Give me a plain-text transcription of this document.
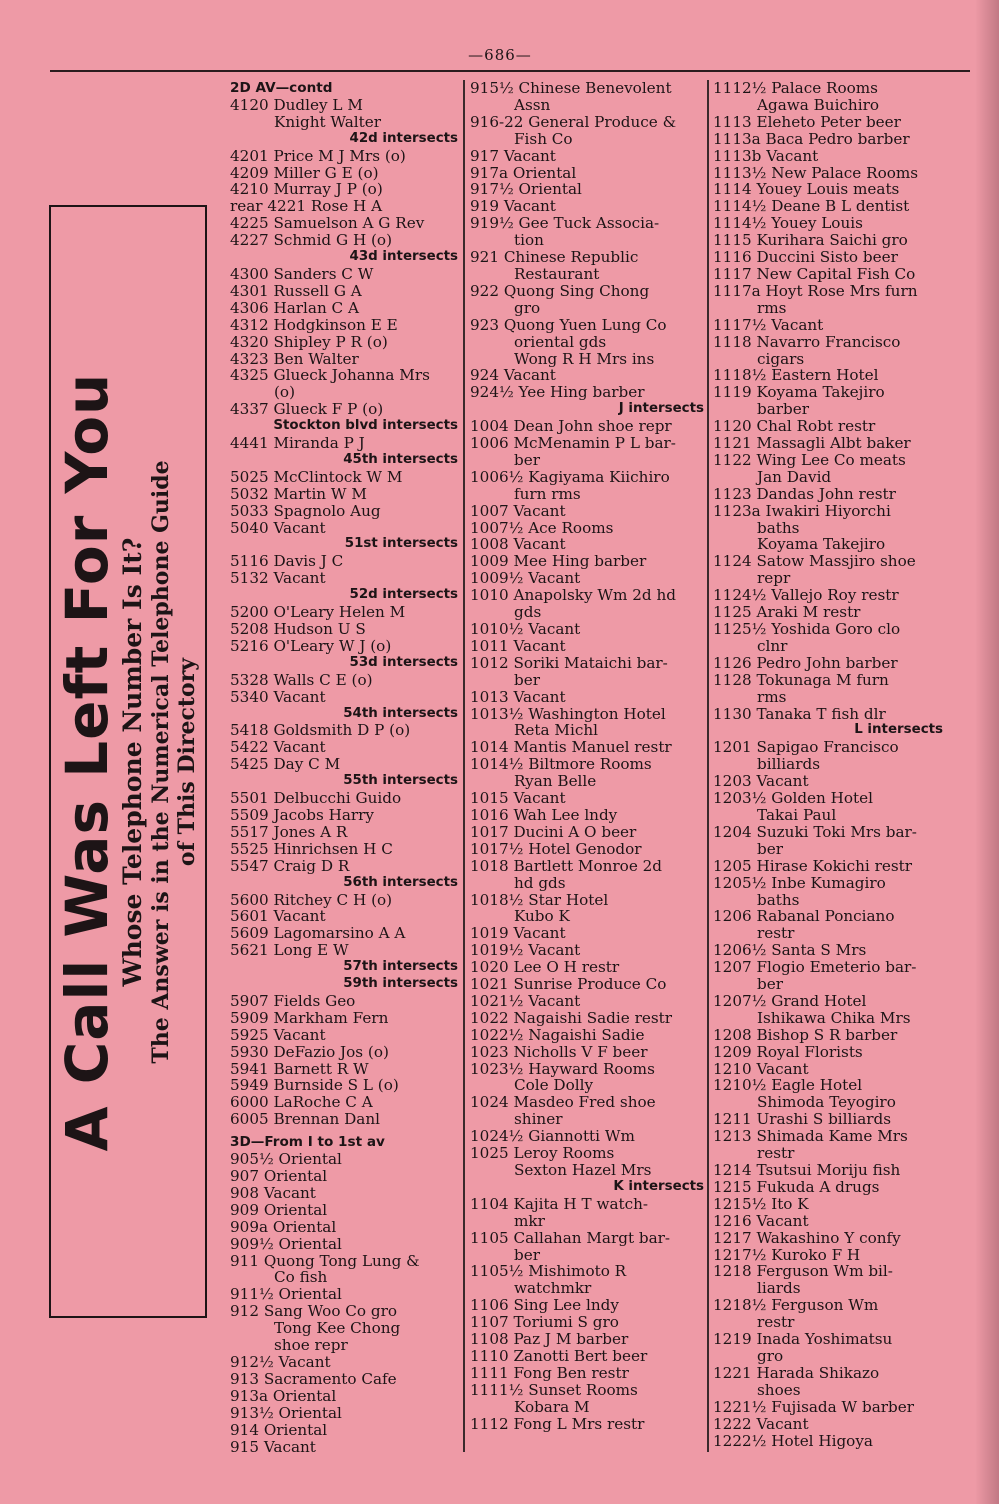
—686—
A Call Was Left For You
Whose Telephone Number Is It? The Answer is in the Numerical Telephone Guide of This Directory
2D AV—contd
4120 Dudley L M
Knight Walter
42d intersects
4201 Price M J Mrs (o)
4209 Miller G E (o)
4210 Murray J P (o)
rear 4221 Rose H A
4225 Samuelson A G Rev
4227 Schmid G H (o)
43d intersects
4300 Sanders C W
4301 Russell G A
4306 Harlan C A
4312 Hodgkinson E E
4320 Shipley P R (o)
4323 Ben Walter
4325 Glueck Johanna Mrs
(o)
4337 Glueck F P (o)
Stockton blvd intersects
4441 Miranda P J
45th intersects
5025 McClintock W M
5032 Martin W M
5033 Spagnolo Aug
5040 Vacant
51st intersects
5116 Davis J C
5132 Vacant
52d intersects
5200 O'Leary Helen M
5208 Hudson U S
5216 O'Leary W J (o)
53d intersects
5328 Walls C E (o)
5340 Vacant
54th intersects
5418 Goldsmith D P (o)
5422 Vacant
5425 Day C M
55th intersects
5501 Delbucchi Guido
5509 Jacobs Harry
5517 Jones A R
5525 Hinrichsen H C
5547 Craig D R
56th intersects
5600 Ritchey C H (o)
5601 Vacant
5609 Lagomarsino A A
5621 Long E W
57th intersects
59th intersects
5907 Fields Geo
5909 Markham Fern
5925 Vacant
5930 DeFazio Jos (o)
5941 Barnett R W
5949 Burnside S L (o)
6000 LaRoche C A
6005 Brennan Danl
3D—From I to 1st av
905½ Oriental
907 Oriental
908 Vacant
909 Oriental
909a Oriental
909½ Oriental
911 Quong Tong Lung &
Co fish
911½ Oriental
912 Sang Woo Co gro
Tong Kee Chong
shoe repr
912½ Vacant
913 Sacramento Cafe
913a Oriental
913½ Oriental
914 Oriental
915 Vacant
915½ Chinese Benevolent
Assn
916-22 General Produce &
Fish Co
917 Vacant
917a Oriental
917½ Oriental
919 Vacant
919½ Gee Tuck Associa-
tion
921 Chinese Republic
Restaurant
922 Quong Sing Chong
gro
923 Quong Yuen Lung Co
oriental gds
Wong R H Mrs ins
924 Vacant
924½ Yee Hing barber
J intersects
1004 Dean John shoe repr
1006 McMenamin P L bar-
ber
1006½ Kagiyama Kiichiro
furn rms
1007 Vacant
1007½ Ace Rooms
1008 Vacant
1009 Mee Hing barber
1009½ Vacant
1010 Anapolsky Wm 2d hd
gds
1010½ Vacant
1011 Vacant
1012 Soriki Mataichi bar-
ber
1013 Vacant
1013½ Washington Hotel
Reta Michl
1014 Mantis Manuel restr
1014½ Biltmore Rooms
Ryan Belle
1015 Vacant
1016 Wah Lee lndy
1017 Ducini A O beer
1017½ Hotel Genodor
1018 Bartlett Monroe 2d
hd gds
1018½ Star Hotel
Kubo K
1019 Vacant
1019½ Vacant
1020 Lee O H restr
1021 Sunrise Produce Co
1021½ Vacant
1022 Nagaishi Sadie restr
1022½ Nagaishi Sadie
1023 Nicholls V F beer
1023½ Hayward Rooms
Cole Dolly
1024 Masdeo Fred shoe
shiner
1024½ Giannotti Wm
1025 Leroy Rooms
Sexton Hazel Mrs
K intersects
1104 Kajita H T watch-
mkr
1105 Callahan Margt bar-
ber
1105½ Mishimoto R
watchmkr
1106 Sing Lee lndy
1107 Toriumi S gro
1108 Paz J M barber
1110 Zanotti Bert beer
1111 Fong Ben restr
1111½ Sunset Rooms
Kobara M
1112 Fong L Mrs restr
1112½ Palace Rooms
Agawa Buichiro
1113 Eleheto Peter beer
1113a Baca Pedro barber
1113b Vacant
1113½ New Palace Rooms
1114 Youey Louis meats
1114½ Deane B L dentist
1114½ Youey Louis
1115 Kurihara Saichi gro
1116 Duccini Sisto beer
1117 New Capital Fish Co
1117a Hoyt Rose Mrs furn
rms
1117½ Vacant
1118 Navarro Francisco
cigars
1118½ Eastern Hotel
1119 Koyama Takejiro
barber
1120 Chal Robt restr
1121 Massagli Albt baker
1122 Wing Lee Co meats
Jan David
1123 Dandas John restr
1123a Iwakiri Hiyorchi
baths
Koyama Takejiro
1124 Satow Massjiro shoe
repr
1124½ Vallejo Roy restr
1125 Araki M restr
1125½ Yoshida Goro clo
clnr
1126 Pedro John barber
1128 Tokunaga M furn
rms
1130 Tanaka T fish dlr
L intersects
1201 Sapigao Francisco
billiards
1203 Vacant
1203½ Golden Hotel
Takai Paul
1204 Suzuki Toki Mrs bar-
ber
1205 Hirase Kokichi restr
1205½ Inbe Kumagiro
baths
1206 Rabanal Ponciano
restr
1206½ Santa S Mrs
1207 Flogio Emeterio bar-
ber
1207½ Grand Hotel
Ishikawa Chika Mrs
1208 Bishop S R barber
1209 Royal Florists
1210 Vacant
1210½ Eagle Hotel
Shimoda Teyogiro
1211 Urashi S billiards
1213 Shimada Kame Mrs
restr
1214 Tsutsui Moriju fish
1215 Fukuda A drugs
1215½ Ito K
1216 Vacant
1217 Wakashino Y confy
1217½ Kuroko F H
1218 Ferguson Wm bil-
liards
1218½ Ferguson Wm
restr
1219 Inada Yoshimatsu
gro
1221 Harada Shikazo
shoes
1221½ Fujisada W barber
1222 Vacant
1222½ Hotel Higoya
